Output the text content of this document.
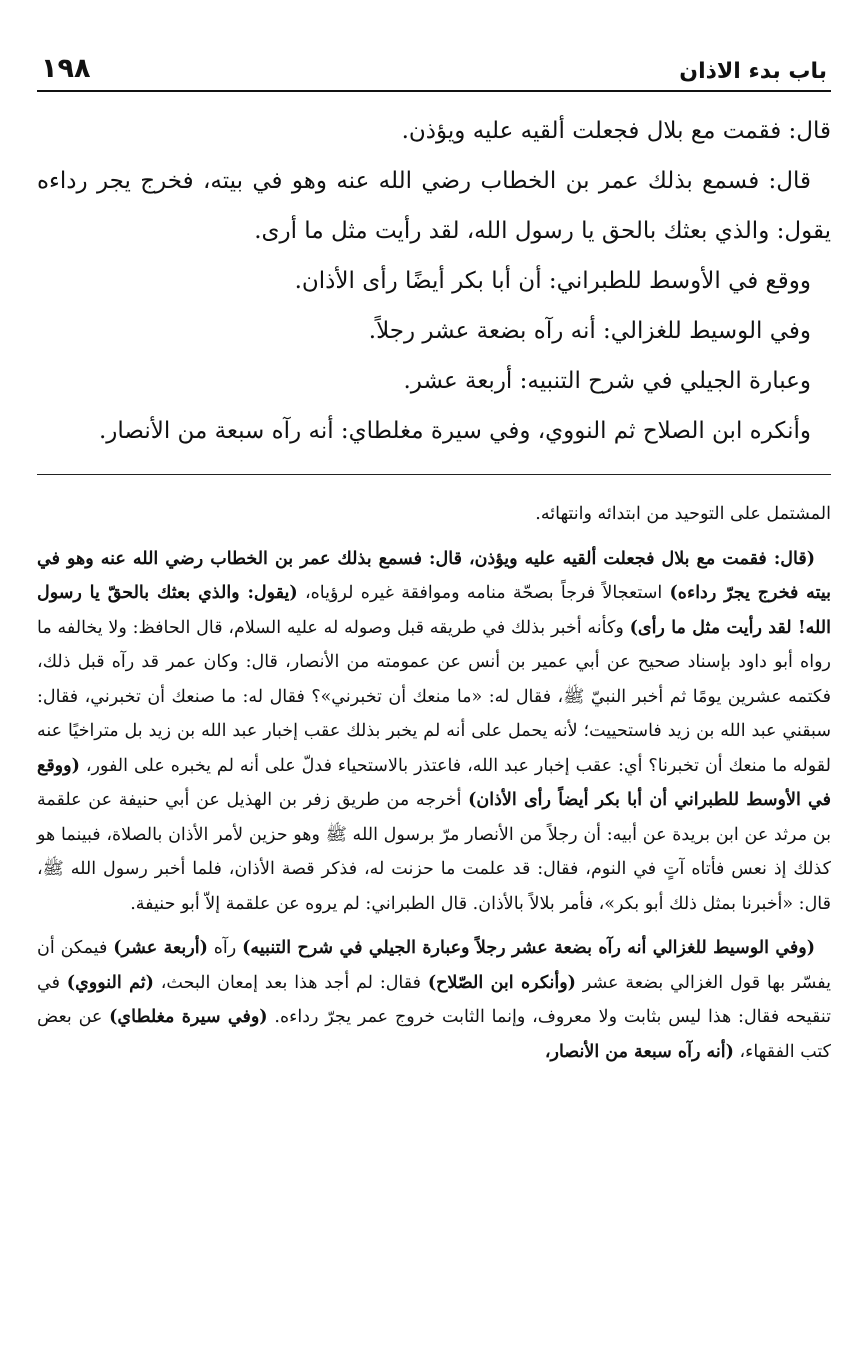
باب بدء الاذان
١٩٨

قال: فقمت مع بلال فجعلت ألقيه عليه ويؤذن.

قال: فسمع بذلك عمر بن الخطاب رضي الله عنه وهو في بيته، فخرج يجر رداءه يقول: والذي بعثك بالحق يا رسول الله، لقد رأيت مثل ما أرى.

ووقع في الأوسط للطبراني: أن أبا بكر أيضًا رأى الأذان.

وفي الوسيط للغزالي: أنه رآه بضعة عشر رجلاً.

وعبارة الجيلي في شرح التنبيه: أربعة عشر.

وأنكره ابن الصلاح ثم النووي، وفي سيرة مغلطاي: أنه رآه سبعة من الأنصار.

المشتمل على التوحيد من ابتدائه وانتهائه.

(قال: فقمت مع بلال فجعلت ألقيه عليه ويؤذن، قال: فسمع بذلك عمر بن الخطاب رضي الله عنه وهو في بيته فخرج يجرّ رداءه) استعجالاً فرجاً بصحّة منامه وموافقة غيره لرؤياه، (يقول: والذي بعثك بالحقّ يا رسول الله! لقد رأيت مثل ما رأى) وكأنه أخبر بذلك في طريقه قبل وصوله له عليه السلام، قال الحافظ: ولا يخالفه ما رواه أبو داود بإسناد صحيح عن أبي عمير بن أنس عن عمومته من الأنصار، قال: وكان عمر قد رآه قبل ذلك، فكتمه عشرين يومًا ثم أخبر النبيّ ﷺ، فقال له: «ما منعك أن تخبرني»؟ فقال له: ما صنعك أن تخبرني، فقال: سبقني عبد الله بن زيد فاستحييت؛ لأنه يحمل على أنه لم يخبر بذلك عقب إخبار عبد الله بن زيد بل متراخيًا عنه لقوله ما منعك أن تخبرنا؟ أي: عقب إخبار عبد الله، فاعتذر بالاستحياء فدلّ على أنه لم يخبره على الفور، (ووقع في الأوسط للطبراني أن أبا بكر أيضاً رأى الأذان) أخرجه من طريق زفر بن الهذيل عن أبي حنيفة عن علقمة بن مرثد عن ابن بريدة عن أبيه: أن رجلاً من الأنصار مرّ برسول الله ﷺ وهو حزين لأمر الأذان بالصلاة، فبينما هو كذلك إذ نعس فأتاه آتٍ في النوم، فقال: قد علمت ما حزنت له، فذكر قصة الأذان، فلما أخبر رسول الله ﷺ، قال: «أخبرنا بمثل ذلك أبو بكر»، فأمر بلالاً بالأذان. قال الطبراني: لم يروه عن علقمة إلاّ أبو حنيفة.

(وفي الوسيط للغزالي أنه رآه بضعة عشر رجلاً وعبارة الجيلي في شرح التنبيه) رآه (أربعة عشر) فيمكن أن يفسّر بها قول الغزالي بضعة عشر (وأنكره ابن الصّلاح) فقال: لم أجد هذا بعد إمعان البحث، (ثم النووي) في تنقيحه فقال: هذا ليس بثابت ولا معروف، وإنما الثابت خروج عمر يجرّ رداءه. (وفي سيرة مغلطاي) عن بعض كتب الفقهاء، (أنه رآه سبعة من الأنصار،
